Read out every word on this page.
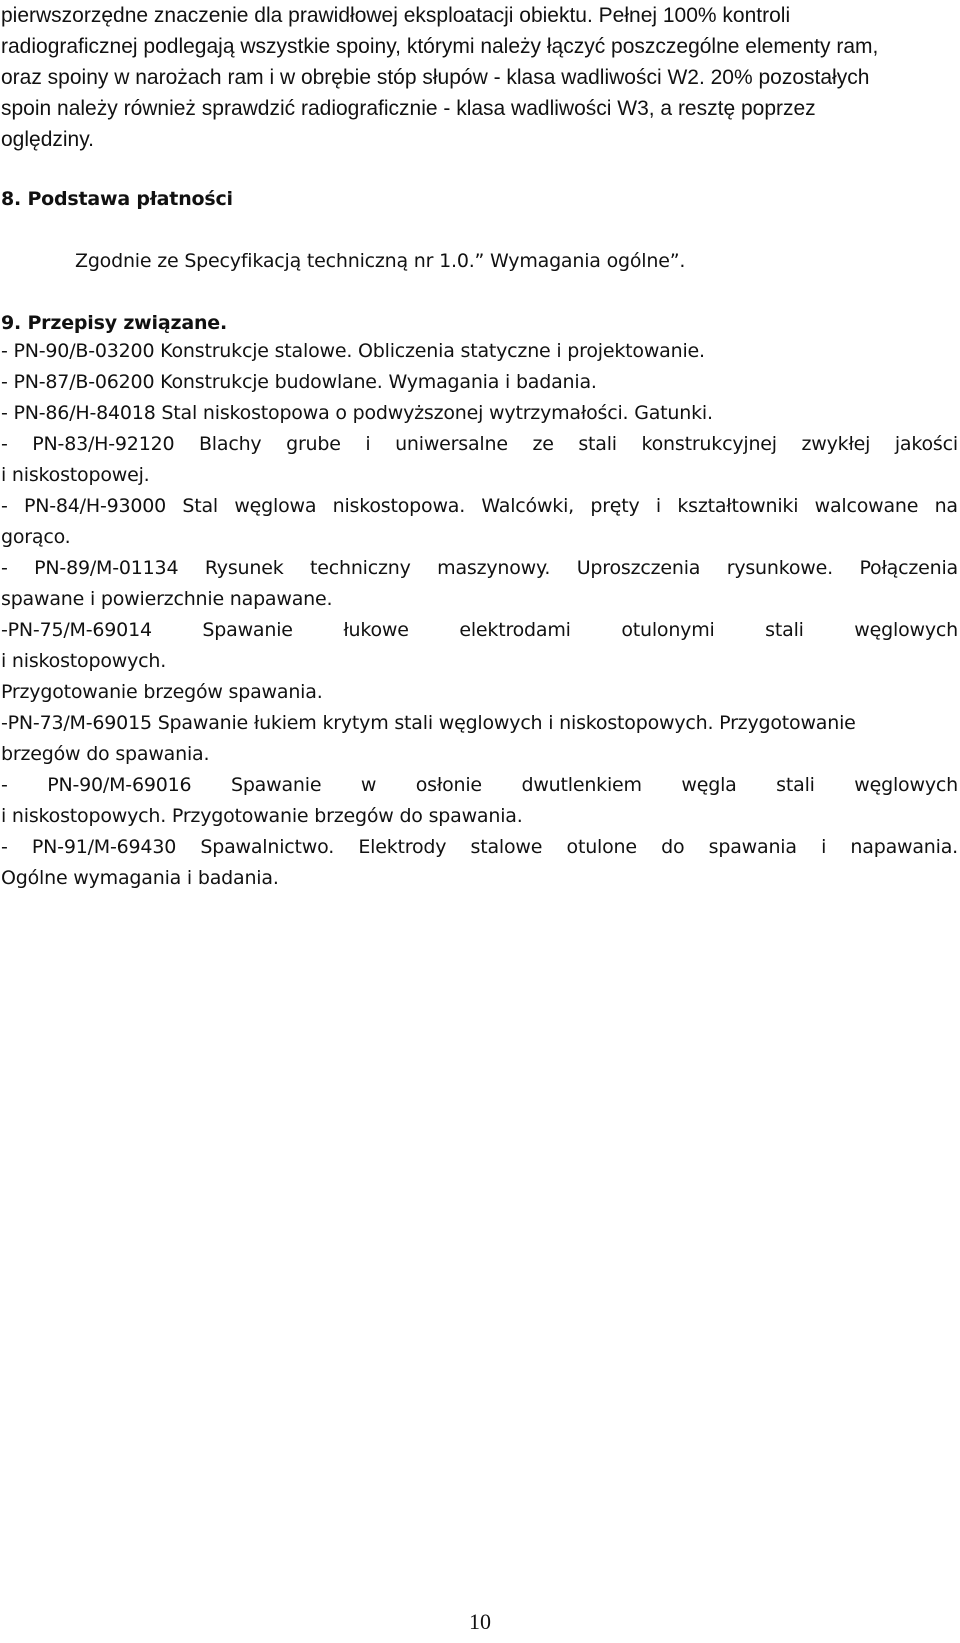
pierwszorzędne znaczenie dla prawidłowej eksploatacji obiektu. Pełnej 100% kontroli
radiograficznej podlegają wszystkie spoiny, którymi należy łączyć poszczególne elementy ram,
oraz spoiny w narożach ram i w obrębie stóp słupów - klasa wadliwości W2. 20% pozostałych
spoin należy również sprawdzić radiograficznie - klasa wadliwości W3, a resztę poprzez
oględziny.
8. Podstawa płatności
Zgodnie ze Specyfikacją techniczną nr 1.0.” Wymagania ogólne”.
9. Przepisy związane.
- PN-90/B-03200 Konstrukcje stalowe. Obliczenia statyczne i projektowanie.
- PN-87/B-06200 Konstrukcje budowlane. Wymagania i badania.
- PN-86/H-84018 Stal niskostopowa o podwyższonej wytrzymałości. Gatunki.
- PN-83/H-92120 Blachy grube i uniwersalne ze stali konstrukcyjnej zwykłej jakości
i niskostopowej.
- PN-84/H-93000 Stal węglowa niskostopowa. Walcówki, pręty i kształtowniki walcowane na
gorąco.
- PN-89/M-01134 Rysunek techniczny maszynowy. Uproszczenia rysunkowe. Połączenia
spawane i powierzchnie napawane.
-PN-75/M-69014	Spawanie	łukowe	elektrodami	otulonymi	stali	węglowych
i niskostopowych.
Przygotowanie brzegów spawania.
-PN-73/M-69015 Spawanie łukiem krytym stali węglowych i niskostopowych. Przygotowanie
brzegów do spawania.
- PN-90/M-69016 Spawanie w osłonie dwutlenkiem węgla stali węglowych
i niskostopowych. Przygotowanie brzegów do spawania.
- PN-91/M-69430 Spawalnictwo. Elektrody stalowe otulone do spawania i napawania.
Ogólne wymagania i badania.
10
